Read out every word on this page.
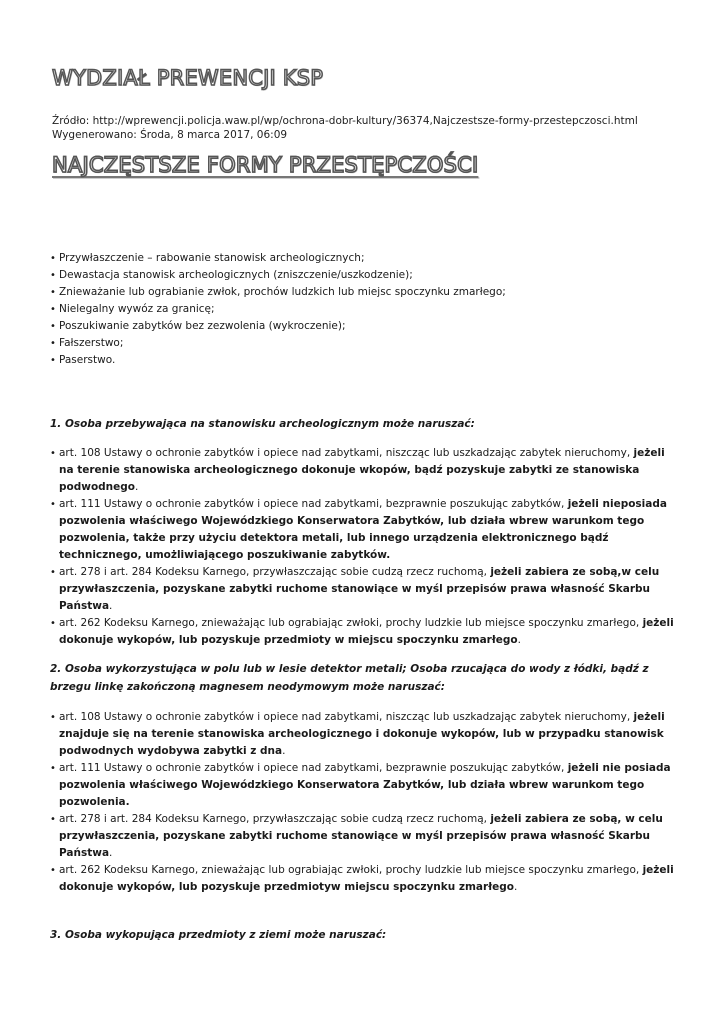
WYDZIAŁ PREWENCJI KSP
Źródło: http://wprewencji.policja.waw.pl/wp/ochrona-dobr-kultury/36374,Najczestsze-formy-przestepczosci.html
Wygenerowano: Środa, 8 marca 2017, 06:09
NAJCZĘSTSZE FORMY PRZESTĘPCZOŚCI
• Przywłaszczenie – rabowanie stanowisk archeologicznych;
• Dewastacja stanowisk archeologicznych (zniszczenie/uszkodzenie);
• Znieważanie lub ograbianie zwłok, prochów ludzkich lub miejsc spoczynku zmarłego;
• Nielegalny wywóz za granicę;
• Poszukiwanie zabytków bez zezwolenia (wykroczenie);
• Fałszerstwo;
• Paserstwo.

1. Osoba przebywająca na stanowisku archeologicznym może naruszać:

• art. 108 Ustawy o ochronie zabytków i opiece nad zabytkami, niszcząc lub uszkadzając zabytek nieruchomy, jeżeli na terenie stanowiska archeologicznego dokonuje wkopów, bądź pozyskuje zabytki ze stanowiska podwodnego.
• art. 111 Ustawy o ochronie zabytków i opiece nad zabytkami, bezprawnie poszukując zabytków, jeżeli nieposiada pozwolenia właściwego Wojewódzkiego Konserwatora Zabytków, lub działa wbrew warunkom tego pozwolenia, także przy użyciu detektora metali, lub innego urządzenia elektronicznego bądź technicznego, umożliwiającego poszukiwanie zabytków.
• art. 278 i art. 284 Kodeksu Karnego, przywłaszczając sobie cudzą rzecz ruchomą, jeżeli zabiera ze sobą,w celu przywłaszczenia, pozyskane zabytki ruchome stanowiące w myśl przepisów prawa własność Skarbu Państwa.
• art. 262 Kodeksu Karnego, znieważając lub ograbiając zwłoki, prochy ludzkie lub miejsce spoczynku zmarłego, jeżeli dokonuje wykopów, lub pozyskuje przedmioty w miejscu spoczynku zmarłego.

2. Osoba wykorzystująca w polu lub w lesie detektor metali; Osoba rzucająca do wody z łódki, bądź z brzegu linkę zakończoną magnesem neodymowym może naruszać:

• art. 108 Ustawy o ochronie zabytków i opiece nad zabytkami, niszcząc lub uszkadzając zabytek nieruchomy, jeżeli znajduje się na terenie stanowiska archeologicznego i dokonuje wykopów, lub w przypadku stanowisk podwodnych wydobywa zabytki z dna.
• art. 111 Ustawy o ochronie zabytków i opiece nad zabytkami, bezprawnie poszukując zabytków, jeżeli nie posiada pozwolenia właściwego Wojewódzkiego Konserwatora Zabytków, lub działa wbrew warunkom tego pozwolenia.
• art. 278 i art. 284 Kodeksu Karnego, przywłaszczając sobie cudzą rzecz ruchomą, jeżeli zabiera ze sobą, w celu przywłaszczenia, pozyskane zabytki ruchome stanowiące w myśl przepisów prawa własność Skarbu Państwa.
• art. 262 Kodeksu Karnego, znieważając lub ograbiając zwłoki, prochy ludzkie lub miejsce spoczynku zmarłego, jeżeli dokonuje wykopów, lub pozyskuje przedmiotyw miejscu spoczynku zmarłego.

3. Osoba wykopująca przedmioty z ziemi może naruszać:
